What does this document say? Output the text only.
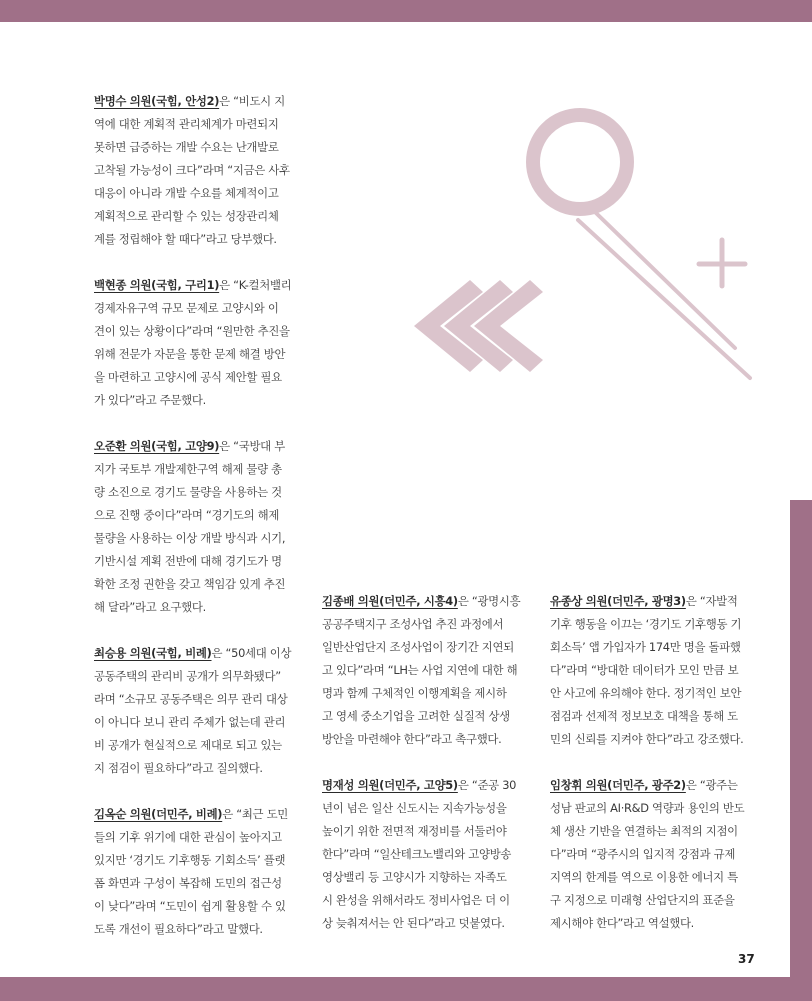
박명수 의원(국힘, 안성2)은 “비도시 지
역에 대한 계획적 관리체계가 마련되지
못하면 급증하는 개발 수요는 난개발로
고착될 가능성이 크다”라며 “지금은 사후
대응이 아니라 개발 수요를 체계적이고
계획적으로 관리할 수 있는 성장관리체
계를 정립해야 할 때다”라고 당부했다.

백현종 의원(국힘, 구리1)은 “K-컬처밸리
경제자유구역 규모 문제로 고양시와 이
견이 있는 상황이다”라며 “원만한 추진을
위해 전문가 자문을 통한 문제 해결 방안
을 마련하고 고양시에 공식 제안할 필요
가 있다”라고 주문했다.

오준환 의원(국힘, 고양9)은 “국방대 부
지가 국토부 개발제한구역 해제 물량 총
량 소진으로 경기도 물량을 사용하는 것
으로 진행 중이다”라며 “경기도의 해제
물량을 사용하는 이상 개발 방식과 시기,
기반시설 계획 전반에 대해 경기도가 명
확한 조정 권한을 갖고 책임감 있게 추진
해 달라”라고 요구했다.

최승용 의원(국힘, 비례)은 “50세대 이상
공동주택의 관리비 공개가 의무화됐다”
라며 “소규모 공동주택은 의무 관리 대상
이 아니다 보니 관리 주체가 없는데 관리
비 공개가 현실적으로 제대로 되고 있는
지 점검이 필요하다”라고 질의했다.

김옥순 의원(더민주, 비례)은 “최근 도민
들의 기후 위기에 대한 관심이 높아지고
있지만 ‘경기도 기후행동 기회소득’ 플랫
폼 화면과 구성이 복잡해 도민의 접근성
이 낮다”라며 “도민이 쉽게 활용할 수 있
도록 개선이 필요하다”라고 말했다.

김종배 의원(더민주, 시흥4)은 “광명시흥
공공주택지구 조성사업 추진 과정에서
일반산업단지 조성사업이 장기간 지연되
고 있다”라며 “LH는 사업 지연에 대한 해
명과 함께 구체적인 이행계획을 제시하
고 영세 중소기업을 고려한 실질적 상생
방안을 마련해야 한다”라고 촉구했다.

명재성 의원(더민주, 고양5)은 “준공 30
년이 넘은 일산 신도시는 지속가능성을
높이기 위한 전면적 재정비를 서둘러야
한다”라며 “일산테크노밸리와 고양방송
영상밸리 등 고양시가 지향하는 자족도
시 완성을 위해서라도 정비사업은 더 이
상 늦춰져서는 안 된다”라고 덧붙였다.

유종상 의원(더민주, 광명3)은 “자발적
기후 행동을 이끄는 ‘경기도 기후행동 기
회소득’ 앱 가입자가 174만 명을 돌파했
다”라며 “방대한 데이터가 모인 만큼 보
안 사고에 유의해야 한다. 정기적인 보안
점검과 선제적 정보보호 대책을 통해 도
민의 신뢰를 지켜야 한다”라고 강조했다.

임창휘 의원(더민주, 광주2)은 “광주는
성남 판교의 AI·R&D 역량과 용인의 반도
체 생산 기반을 연결하는 최적의 지점이
다”라며 “광주시의 입지적 강점과 규제
지역의 한계를 역으로 이용한 에너지 특
구 지정으로 미래형 산업단지의 표준을
제시해야 한다”라고 역설했다.

37
